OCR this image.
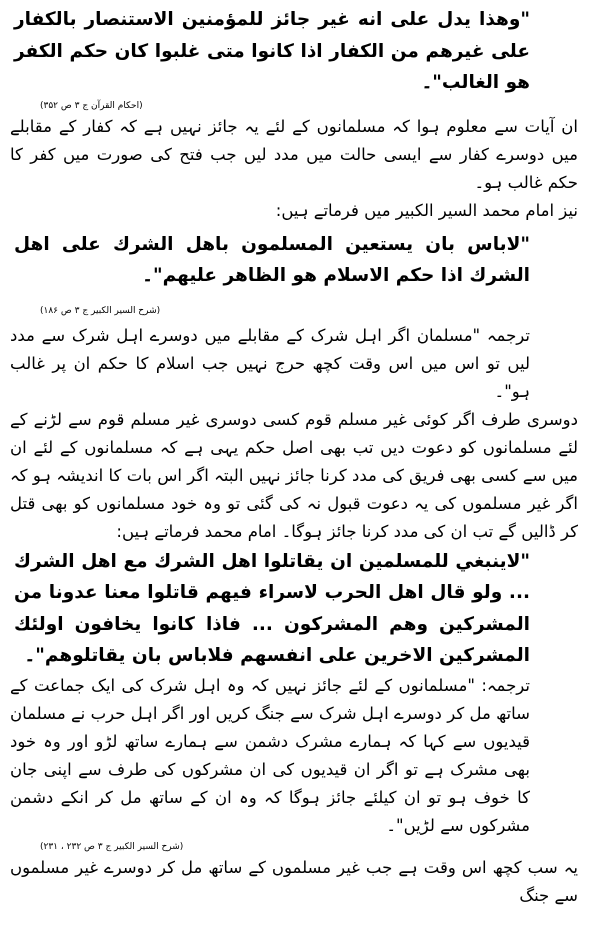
"وهذا يدل على انه غير جائز للمؤمنين الاستنصار بالكفار على غيرهم من الكفار اذا كانوا متى غلبوا كان حكم الكفر هو الغالب"۔

(احکام القرآن ج ۳ ص ۳۵۲)

ان آیات سے معلوم ہوا کہ مسلمانوں کے لئے یہ جائز نہیں ہے کہ کفار کے مقابلے میں دوسرے کفار سے ایسی حالت میں مدد لیں جب فتح کی صورت میں کفر کا حکم غالب ہو۔

نیز امام محمد السیر الکبیر میں فرماتے ہیں:

"لاباس بان يستعين المسلمون باهل الشرك على اهل الشرك اذا حكم الاسلام هو الظاهر عليهم"۔

(شرح السیر الکبیر ج ۳ ص ۱۸۶)

ترجمہ "مسلمان اگر اہل شرک کے مقابلے میں دوسرے اہل شرک سے مدد لیں تو اس میں اس وقت کچھ حرج نہیں جب اسلام کا حکم ان پر غالب ہو"۔

دوسری طرف اگر کوئی غیر مسلم قوم کسی دوسری غیر مسلم قوم سے لڑنے کے لئے مسلمانوں کو دعوت دیں تب بھی اصل حکم یہی ہے کہ مسلمانوں کے لئے ان میں سے کسی بھی فریق کی مدد کرنا جائز نہیں البتہ اگر اس بات کا اندیشہ ہو کہ اگر غیر مسلموں کی یہ دعوت قبول نہ کی گئی تو وہ خود مسلمانوں کو بھی قتل کر ڈالیں گے تب ان کی مدد کرنا جائز ہوگا۔ امام محمد فرماتے ہیں:

"لاينبغي للمسلمين ان يقاتلوا اهل الشرك مع اهل الشرك ... ولو قال اهل الحرب لاسراء فيهم قاتلوا معنا عدونا من المشركين وهم المشركون ... فاذا كانوا يخافون اولئك المشركين الاخرين على انفسهم فلاباس بان يقاتلوهم"۔

ترجمہ: "مسلمانوں کے لئے جائز نہیں کہ وہ اہل شرک کی ایک جماعت کے ساتھ مل کر دوسرے اہل شرک سے جنگ کریں اور اگر اہل حرب نے مسلمان قیدیوں سے کہا کہ ہمارے مشرک دشمن سے ہمارے ساتھ لڑو اور وہ خود بھی مشرک ہے تو اگر ان قیدیوں کی ان مشرکوں کی طرف سے اپنی جان کا خوف ہو تو ان کیلئے جائز ہوگا کہ وہ ان کے ساتھ مل کر انکے دشمن مشرکوں سے لڑیں"۔

(شرح السیر الکبیر ج ۳ ص ۲۳۲ ، ۲۳۱)

یہ سب کچھ اس وقت ہے جب غیر مسلموں کے ساتھ مل کر دوسرے غیر مسلموں سے جنگ
